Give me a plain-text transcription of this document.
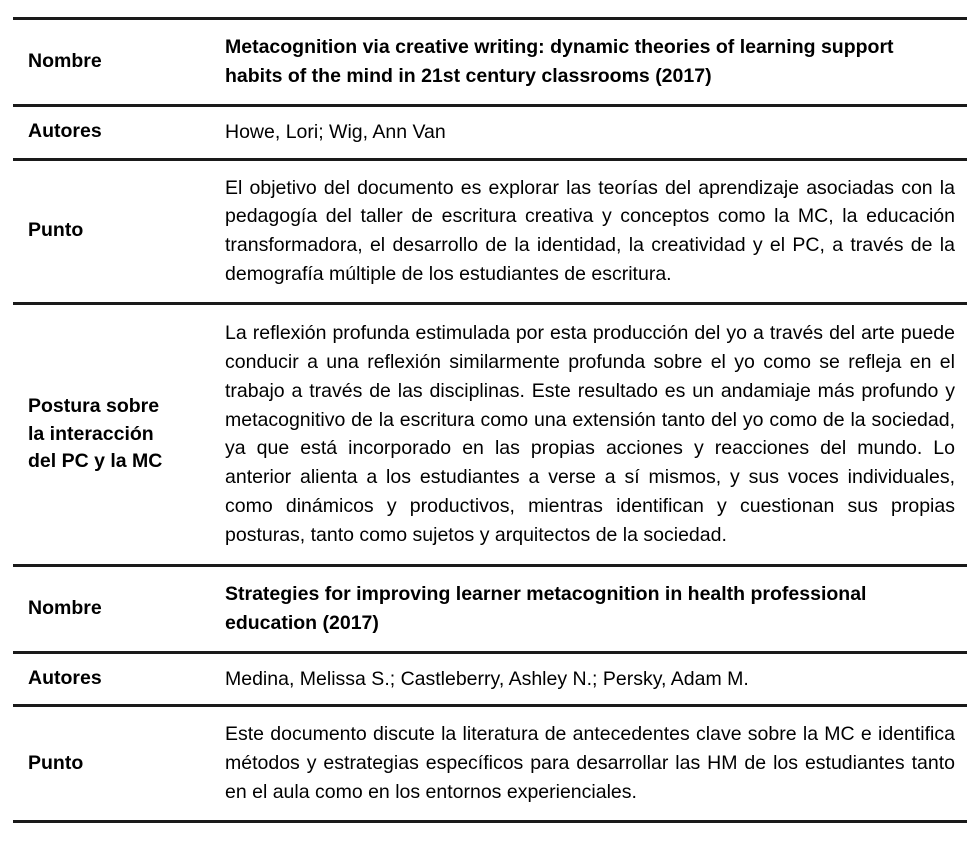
Nombre	Metacognition via creative writing: dynamic theories of learning support habits of the mind in 21st century classrooms (2017)
Autores	Howe, Lori; Wig, Ann Van
Punto	El objetivo del documento es explorar las teorías del aprendizaje asociadas con la pedagogía del taller de escritura creativa y conceptos como la MC, la educación transformadora, el desarrollo de la identidad, la creatividad y el PC, a través de la demografía múltiple de los estudiantes de escritura.
Postura sobre
la interacción
del PC y la MC	La reflexión profunda estimulada por esta producción del yo a través del arte puede conducir a una reflexión similarmente profunda sobre el yo como se refleja en el trabajo a través de las disciplinas. Este resultado es un andamiaje más profundo y metacognitivo de la escritura como una extensión tanto del yo como de la sociedad, ya que está incorporado en las propias acciones y reacciones del mundo. Lo anterior alienta a los estudiantes a verse a sí mismos, y sus voces individuales, como dinámicos y productivos, mientras identifican y cuestionan sus propias posturas, tanto como sujetos y arquitectos de la sociedad.
Nombre	Strategies for improving learner metacognition in health professional education (2017)
Autores	Medina, Melissa S.; Castleberry, Ashley N.; Persky, Adam M.
Punto	Este documento discute la literatura de antecedentes clave sobre la MC e identifica métodos y estrategias específicos para desarrollar las HM de los estudiantes tanto en el aula como en los entornos experienciales.
